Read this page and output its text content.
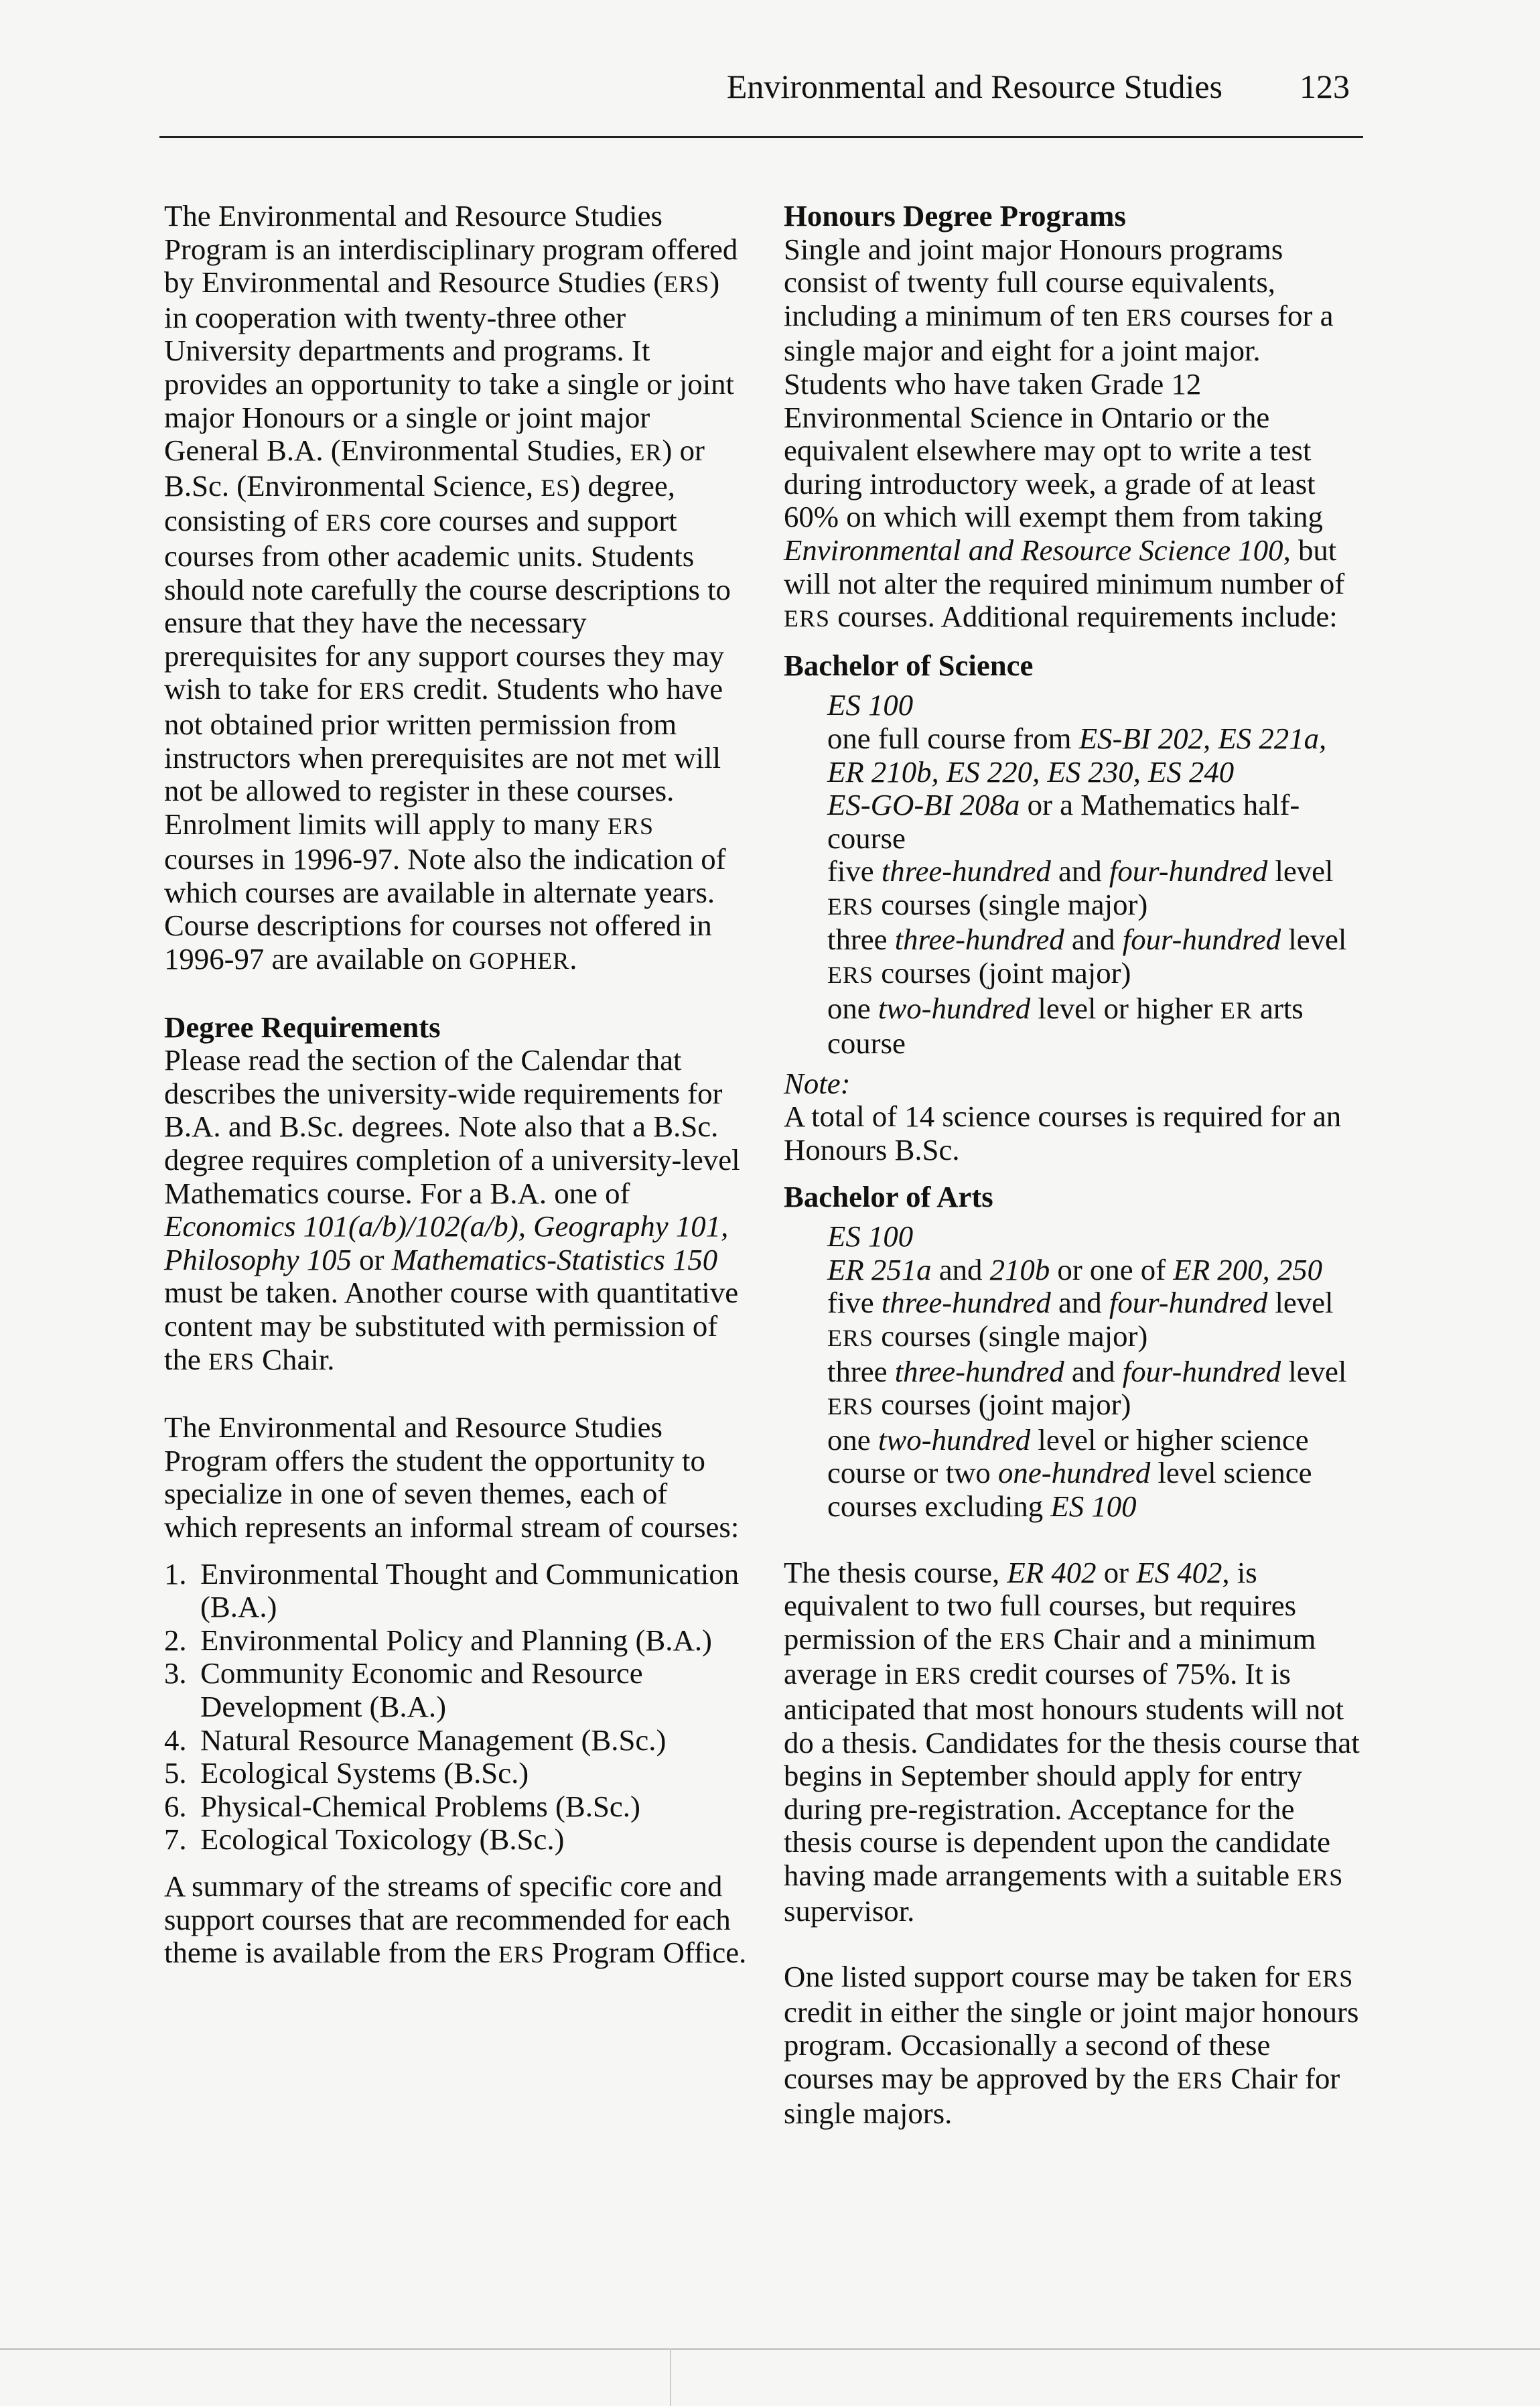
Environmental and Resource Studies 123

The Environmental and Resource Studies Program is an interdisciplinary program offered by Environmental and Resource Studies (ERS) in cooperation with twenty-three other University departments and programs. It provides an opportunity to take a single or joint major Honours or a single or joint major General B.A. (Environmental Studies, ER) or B.Sc. (Environmental Science, ES) degree, consisting of ERS core courses and support courses from other academic units. Students should note carefully the course descriptions to ensure that they have the necessary prerequisites for any support courses they may wish to take for ERS credit. Students who have not obtained prior written permission from instructors when prerequisites are not met will not be allowed to register in these courses. Enrolment limits will apply to many ERS courses in 1996-97. Note also the indication of which courses are available in alternate years. Course descriptions for courses not offered in 1996-97 are available on GOPHER.

Degree Requirements

Please read the section of the Calendar that describes the university-wide requirements for B.A. and B.Sc. degrees. Note also that a B.Sc. degree requires completion of a university-level Mathematics course. For a B.A. one of Economics 101(a/b)/102(a/b), Geography 101, Philosophy 105 or Mathematics-Statistics 150 must be taken. Another course with quantitative content may be substituted with permission of the ERS Chair.

The Environmental and Resource Studies Program offers the student the opportunity to specialize in one of seven themes, each of which represents an informal stream of courses:

1. Environmental Thought and Communication (B.A.)
2. Environmental Policy and Planning (B.A.)
3. Community Economic and Resource Development (B.A.)
4. Natural Resource Management (B.Sc.)
5. Ecological Systems (B.Sc.)
6. Physical-Chemical Problems (B.Sc.)
7. Ecological Toxicology (B.Sc.)

A summary of the streams of specific core and support courses that are recommended for each theme is available from the ERS Program Office.

Honours Degree Programs

Single and joint major Honours programs consist of twenty full course equivalents, including a minimum of ten ERS courses for a single major and eight for a joint major. Students who have taken Grade 12 Environmental Science in Ontario or the equivalent elsewhere may opt to write a test during introductory week, a grade of at least 60% on which will exempt them from taking Environmental and Resource Science 100, but will not alter the required minimum number of ERS courses. Additional requirements include:

Bachelor of Science
ES 100
one full course from ES-BI 202, ES 221a, ER 210b, ES 220, ES 230, ES 240
ES-GO-BI 208a or a Mathematics half-course
five three-hundred and four-hundred level ERS courses (single major)
three three-hundred and four-hundred level ERS courses (joint major)
one two-hundred level or higher ER arts course

Note:

A total of 14 science courses is required for an Honours B.Sc.

Bachelor of Arts
ES 100
ER 251a and 210b or one of ER 200, 250
five three-hundred and four-hundred level ERS courses (single major)
three three-hundred and four-hundred level ERS courses (joint major)
one two-hundred level or higher science course or two one-hundred level science courses excluding ES 100

The thesis course, ER 402 or ES 402, is equivalent to two full courses, but requires permission of the ERS Chair and a minimum average in ERS credit courses of 75%. It is anticipated that most honours students will not do a thesis. Candidates for the thesis course that begins in September should apply for entry during pre-registration. Acceptance for the thesis course is dependent upon the candidate having made arrangements with a suitable ERS supervisor.

One listed support course may be taken for ERS credit in either the single or joint major honours program. Occasionally a second of these courses may be approved by the ERS Chair for single majors.
